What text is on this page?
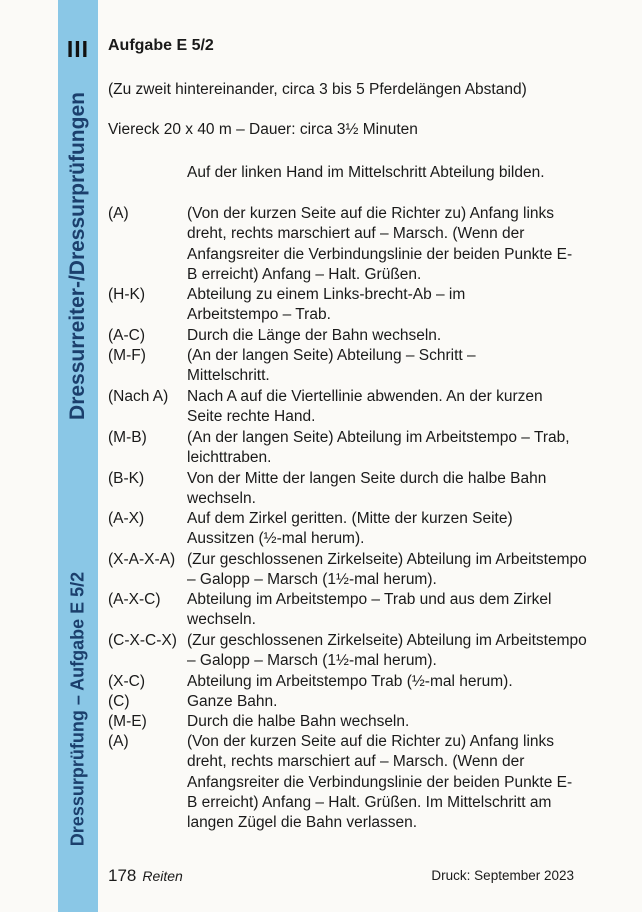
III
Dressurreiter-/Dressurprüfungen
Dressurprüfung – Aufgabe E 5/2

Aufgabe E 5/2

(Zu zweit hintereinander, circa 3 bis 5 Pferdelängen Abstand)

Viereck 20 x 40 m – Dauer: circa 3½ Minuten

Auf der linken Hand im Mittelschritt Abteilung bilden.
(A)	(Von der kurzen Seite auf die Richter zu) Anfang links dreht, rechts marschiert auf – Marsch. (Wenn der Anfangsreiter die Verbindungslinie der beiden Punkte E-B erreicht) Anfang – Halt. Grüßen.
(H-K)	Abteilung zu einem Links-brecht-Ab – im Arbeitstempo – Trab.
(A-C)	Durch die Länge der Bahn wechseln.
(M-F)	(An der langen Seite) Abteilung – Schritt – Mittelschritt.
(Nach A) Nach A auf die Viertellinie abwenden. An der kurzen Seite rechte Hand.
(M-B)	(An der langen Seite) Abteilung im Arbeitstempo – Trab, leichttraben.
(B-K)	Von der Mitte der langen Seite durch die halbe Bahn wechseln.
(A-X)	Auf dem Zirkel geritten. (Mitte der kurzen Seite) Aussitzen (½-mal herum).
(X-A-X-A) (Zur geschlossenen Zirkelseite) Abteilung im Arbeitstempo – Galopp – Marsch (1½-mal herum).
(A-X-C) Abteilung im Arbeitstempo – Trab und aus dem Zirkel wechseln.
(C-X-C-X) (Zur geschlossenen Zirkelseite) Abteilung im Arbeitstempo – Galopp – Marsch (1½-mal herum).
(X-C)	Abteilung im Arbeitstempo Trab (½-mal herum).
(C)	Ganze Bahn.
(M-E)	Durch die halbe Bahn wechseln.
(A)	(Von der kurzen Seite auf die Richter zu) Anfang links dreht, rechts marschiert auf – Marsch. (Wenn der Anfangsreiter die Verbindungslinie der beiden Punkte E-B erreicht) Anfang – Halt. Grüßen. Im Mittelschritt am langen Zügel die Bahn verlassen.
178 Reiten	Druck: September 2023
